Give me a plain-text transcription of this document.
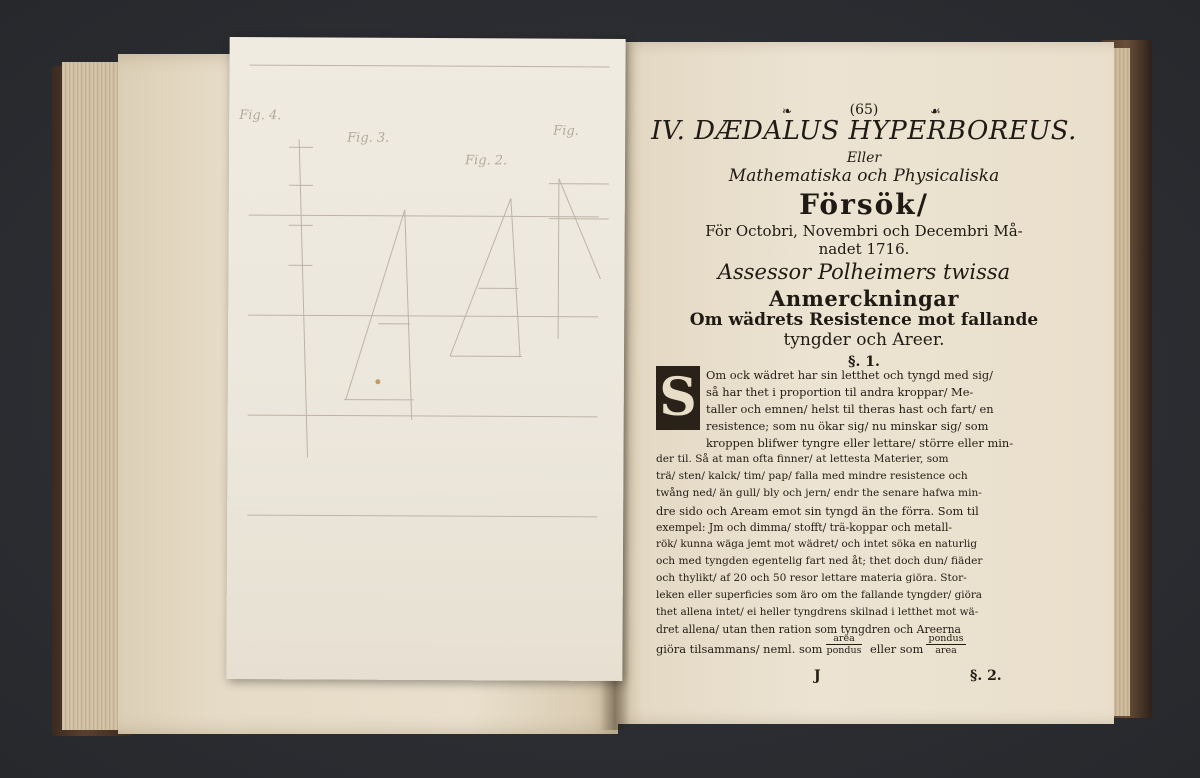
❧	(65)	☙
IV. DÆDALUS HYPERBOREUS.
Eller
Mathematiska och Physicaliska
Försök/
För Octobri, Novembri och Decembri Må-
nadet 1716.
Assessor Polheimers twissa
Anmerckningar
Om wädrets Resistence mot fallande
tyngder och Areer.
§. 1.
S Om ock wädret har sin letthet och tyngd med sig/
så har thet i proportion til andra kroppar/ Me-
taller och emnen/ helst til theras hast och fart/ en
resistence; som nu ökar sig/ nu minskar sig/ som
kroppen blifwer tyngre eller lettare/ större eller min-
der til. Så at man ofta finner/ at lettesta Materier, som
trä/ sten/ kalck/ tim/ pap/ falla med mindre resistence och
twång ned/ än gull/ bly och jern/ endr the senare hafwa min-
dre sido och Aream emot sin tyngd än the förra. Som til
exempel: Jm och dimma/ stofft/ trä-koppar och metall-
rök/ kunna wäga jemt mot wädret/ och intet söka en naturlig
och med tyngden egentelig fart ned åt; thet doch dun/ fiäder
och thylikt/ af 20 och 50 resor lettare materia giöra. Stor-
leken eller superficies som äro om the fallande tyngder/ giöra
thet allena intet/ ei heller tyngdrens skilnad i letthet mot wä-
dret allena/ utan then ration som tyngdren och Areerna
giöra tilsammans/ neml. som
area
pondus eller som
pondus
area
J	§. 2.
Fig. 4.
Fig. 3.
Fig. 2.
Fig.
